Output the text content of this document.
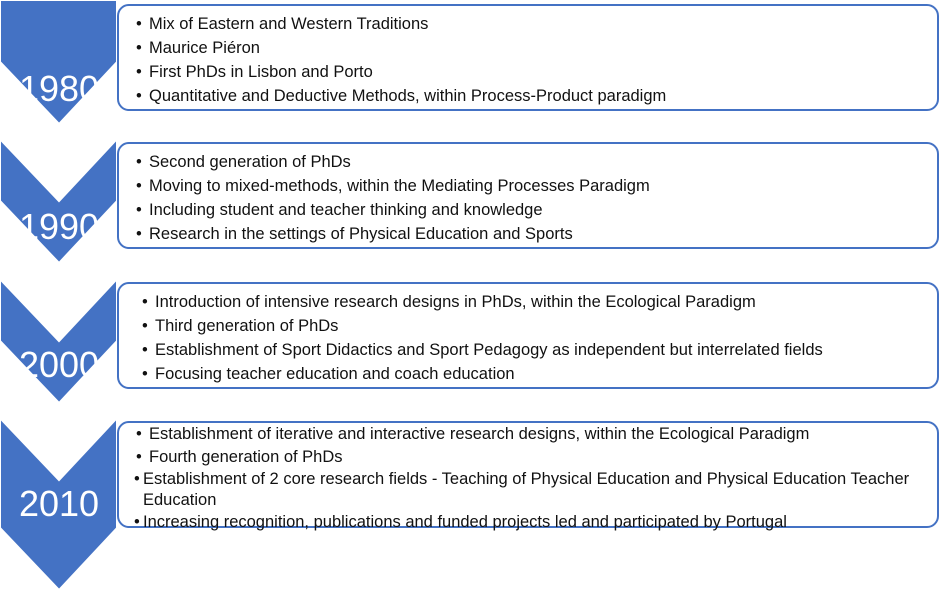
1980
1990
2000
2010
• Mix of Eastern and Western Traditions
• Maurice Piéron
• First PhDs in Lisbon and Porto
• Quantitative and Deductive Methods, within Process-Product paradigm
• Second generation of PhDs
• Moving to mixed-methods, within the Mediating Processes Paradigm
• Including student and teacher thinking and knowledge
• Research in the settings of Physical Education and Sports
• Introduction of intensive research designs in PhDs, within the Ecological Paradigm
• Third generation of PhDs
• Establishment of Sport Didactics and Sport Pedagogy as independent but interrelated fields
• Focusing teacher education and coach education
• Establishment of iterative and interactive research designs, within the Ecological Paradigm
• Fourth generation of PhDs
• Establishment of 2 core research fields - Teaching of Physical Education and Physical Education Teacher Education
• Increasing recognition, publications and funded projects led and participated by Portugal
